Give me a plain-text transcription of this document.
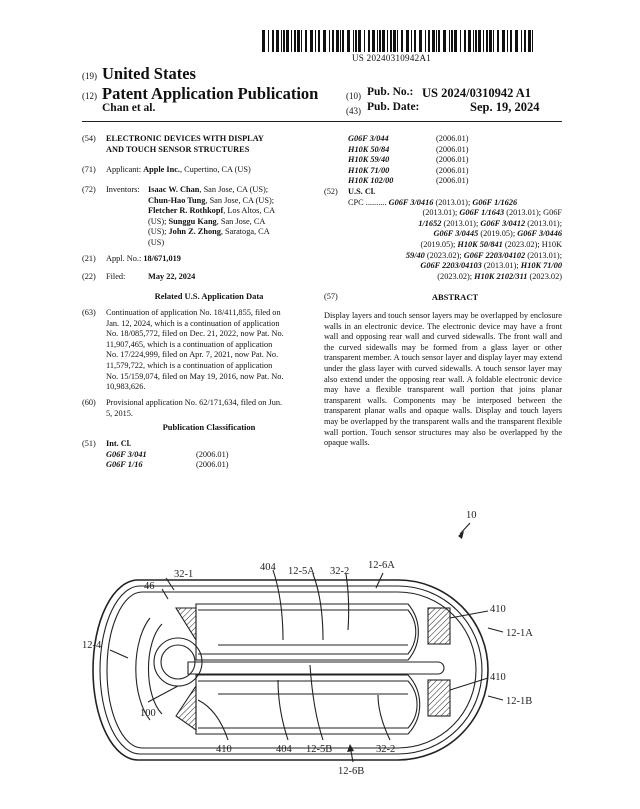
US 20240310942A1
(19) United States
(12) Patent Application Publication
Chan et al.
(10) Pub. No.: US 2024/0310942 A1
(43) Pub. Date:	Sep. 19, 2024
(54) ELECTRONIC DEVICES WITH DISPLAY
AND TOUCH SENSOR STRUCTURES
(71) Applicant: Apple Inc., Cupertino, CA (US)
(72) Inventors: Isaac W. Chan, San Jose, CA (US);
Chun-Hao Tung, San Jose, CA (US);
Fletcher R. Rothkopf, Los Altos, CA
(US); Sunggu Kang, San Jose, CA
(US); John Z. Zhong, Saratoga, CA
(US)
(21) Appl. No.: 18/671,019
(22) Filed:	May 22, 2024
Related U.S. Application Data
(63) Continuation of application No. 18/411,855, filed on
Jan. 12, 2024, which is a continuation of application
No. 18/085,772, filed on Dec. 21, 2022, now Pat. No.
11,907,465, which is a continuation of application
No. 17/224,999, filed on Apr. 7, 2021, now Pat. No.
11,579,722, which is a continuation of application
No. 15/159,074, filed on May 19, 2016, now Pat. No.
10,983,626.
(60) Provisional application No. 62/171,634, filed on Jun.
5, 2015.
Publication Classification
(51) Int. Cl.
G06F 3/041	(2006.01)
G06F 1/16	(2006.01)
G06F 3/044	(2006.01)
H10K 50/84	(2006.01)
H10K 59/40	(2006.01)
H10K 71/00	(2006.01)
H10K 102/00	(2006.01)
(52) U.S. Cl.
CPC .......... G06F 3/0416 (2013.01); G06F 1/1626
(2013.01); G06F 1/1643 (2013.01); G06F
1/1652 (2013.01); G06F 3/0412 (2013.01);
G06F 3/0445 (2019.05); G06F 3/0446
(2019.05); H10K 50/841 (2023.02); H10K
59/40 (2023.02); G06F 2203/04102 (2013.01);
G06F 2203/04103 (2013.01); H10K 71/00
(2023.02); H10K 2102/311 (2023.02)
(57)	ABSTRACT
Display layers and touch sensor layers may be overlapped by enclosure walls in an electronic device. The electronic device may have a front wall and opposing rear wall and curved sidewalls. The front wall and the curved sidewalls may be formed from a glass layer or other transparent member. A touch sensor layer and display layer may extend under the glass layer with curved sidewalls. A touch sensor layer may also extend under the opposing rear wall. A foldable electronic device may have a flexible transparent wall portion that joins planar transparent walls. Components may be interposed between the transparent planar walls and opaque walls. Display and touch layers may be overlapped by the transparent walls and the transparent flexible wall portion. Touch sensor structures may also be overlapped by the opaque walls.
10
12-6A
32-1
404 12-5A 32-2
46
410
12-1A
12-4
410
12-1B
100
410	404 12-5B	32-2
12-6B
